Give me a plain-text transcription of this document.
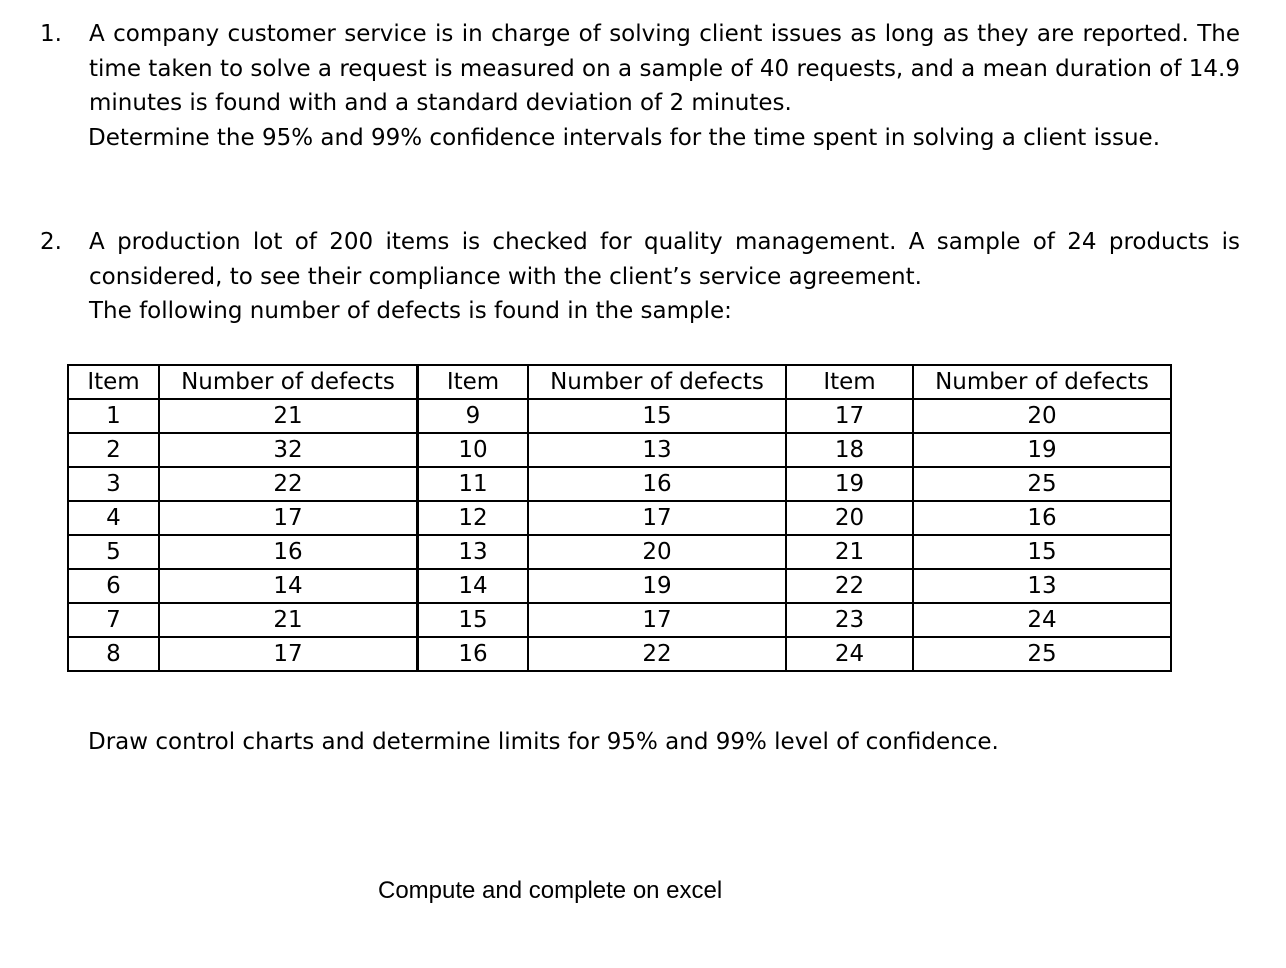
1. A company customer service is in charge of solving client issues as long as they are reported. The time taken to solve a request is measured on a sample of 40 requests, and a mean duration of 14.9 minutes is found with and a standard deviation of 2 minutes.
Determine the 95% and 99% confidence intervals for the time spent in solving a client issue.
2. A production lot of 200 items is checked for quality management. A sample of 24 products is considered, to see their compliance with the client’s service agreement.
The following number of defects is found in the sample:
Item	Number of defects	Item	Number of defects	Item	Number of defects
1	21	9	15	17	20
2	32	10	13	18	19
3	22	11	16	19	25
4	17	12	17	20	16
5	16	13	20	21	15
6	14	14	19	22	13
7	21	15	17	23	24
8	17	16	22	24	25
Draw control charts and determine limits for 95% and 99% level of confidence.
Compute and complete on excel
